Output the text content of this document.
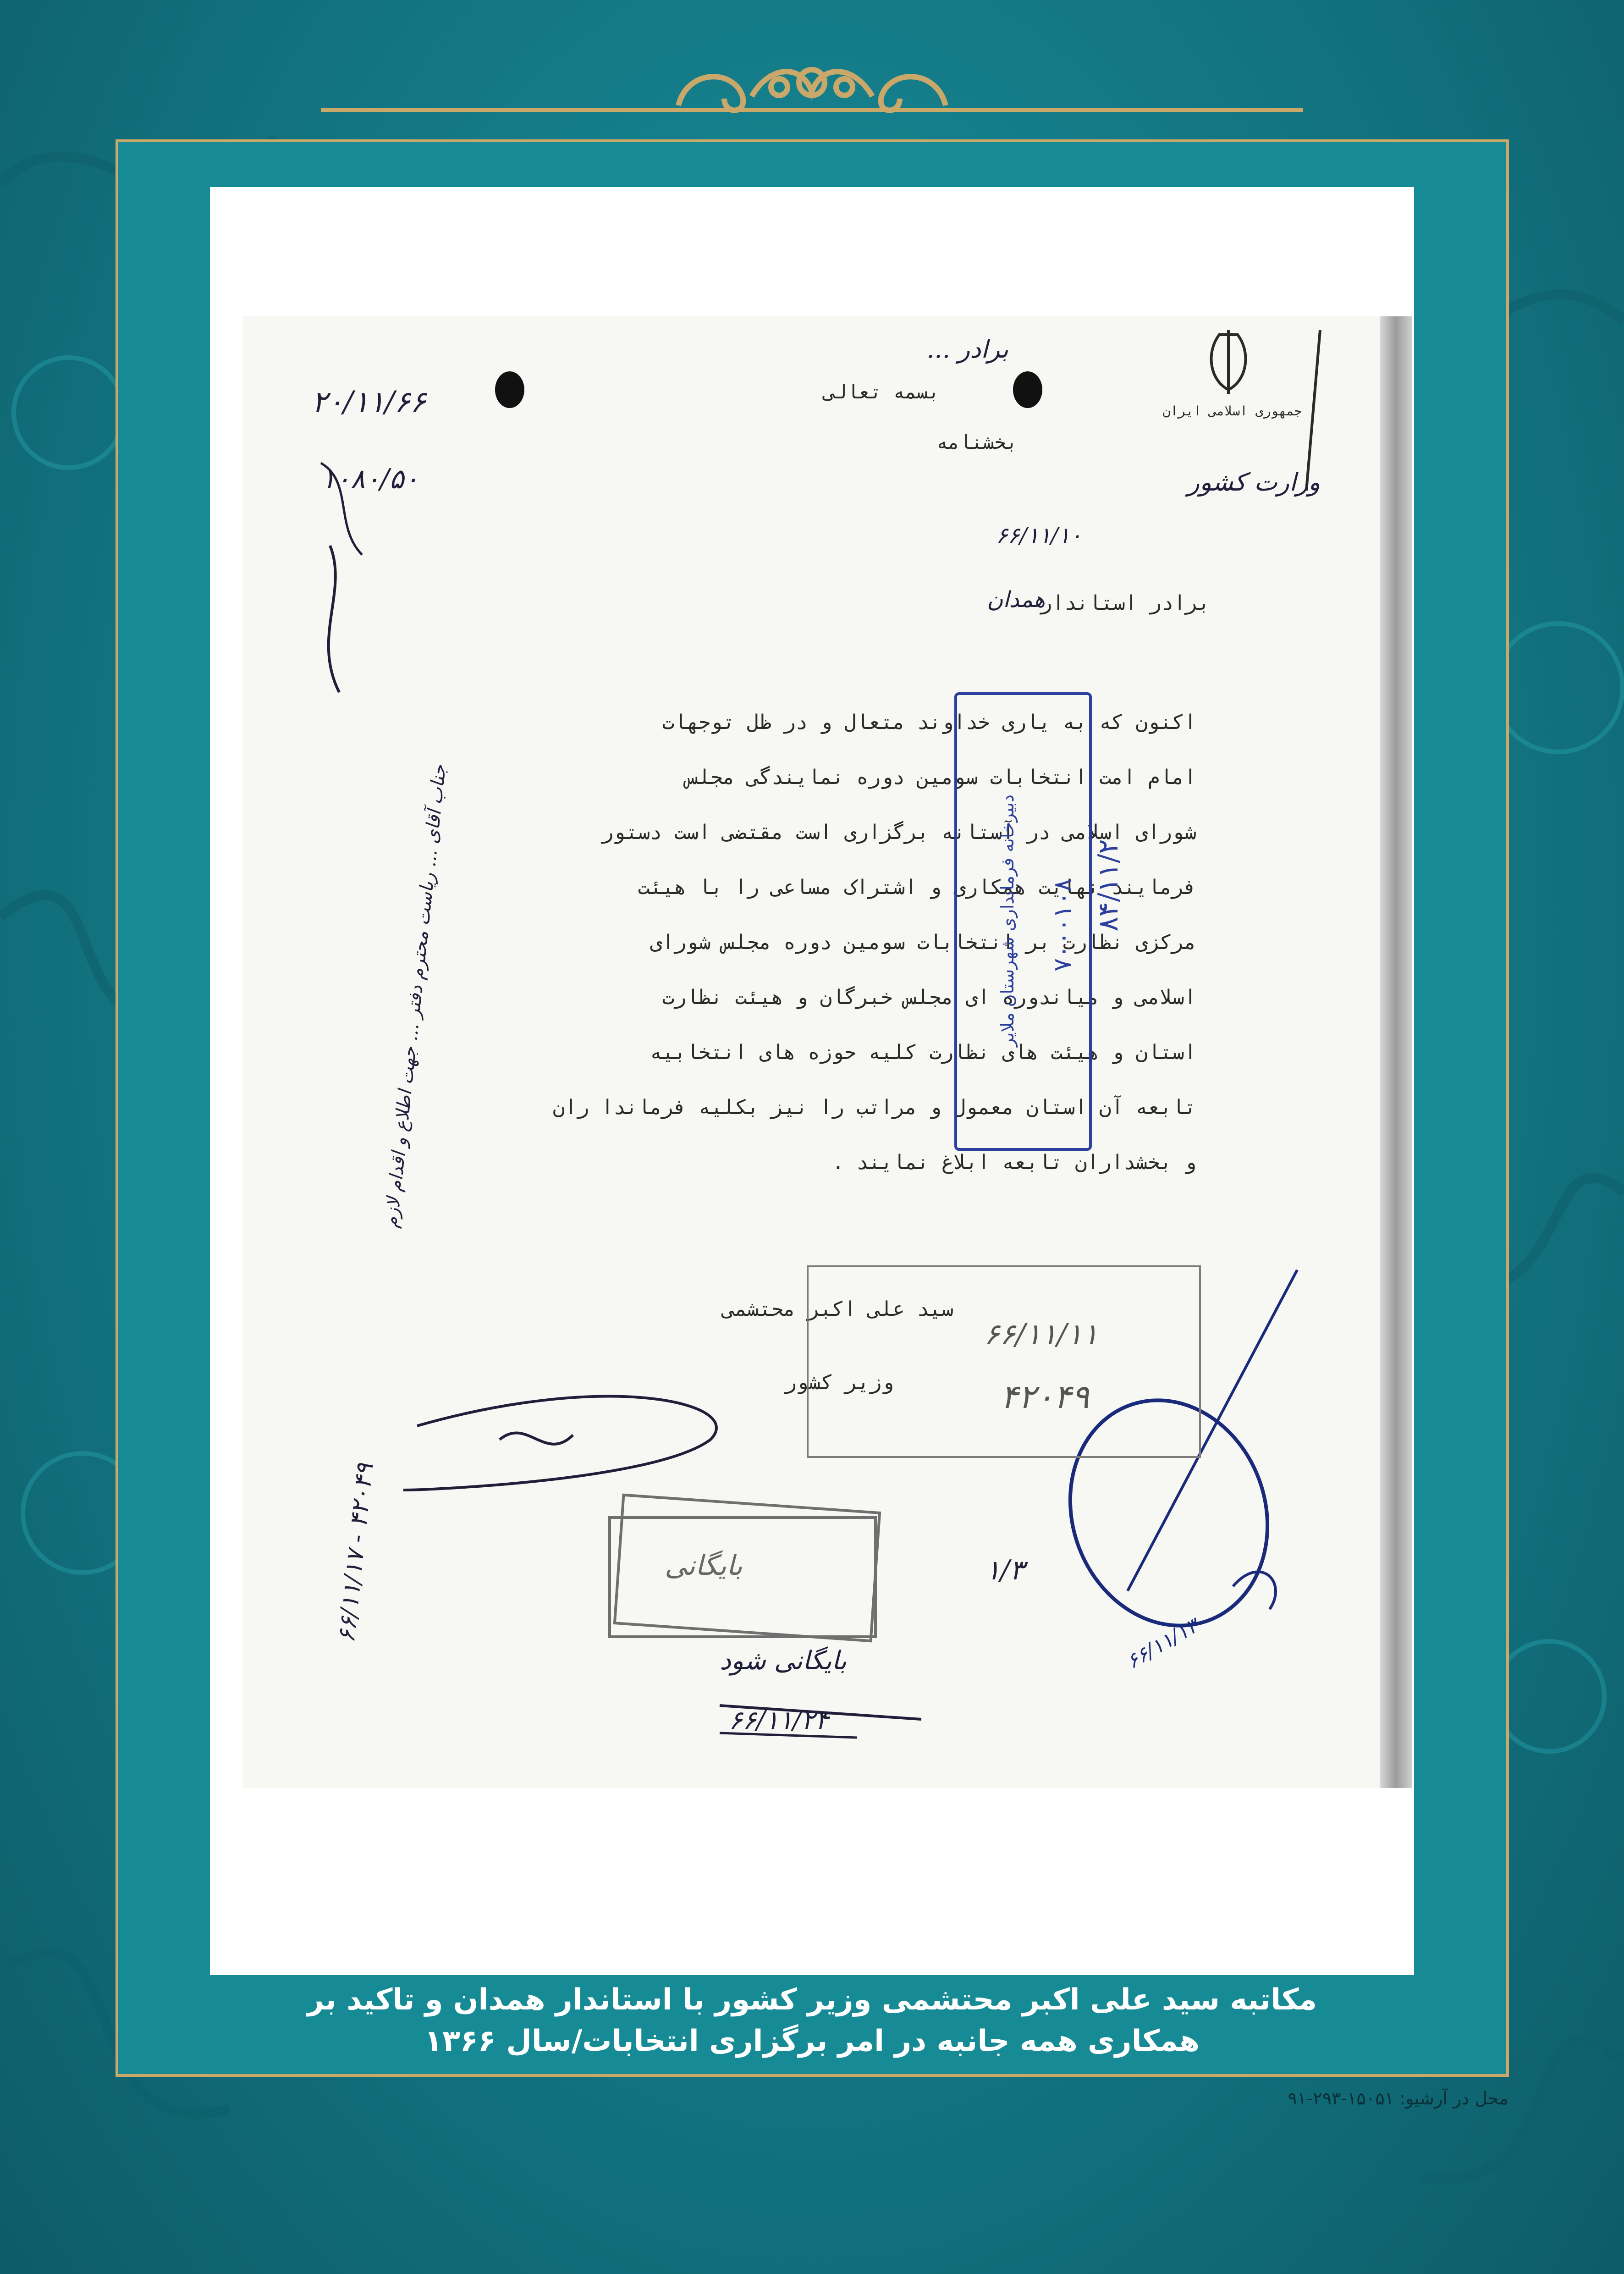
جمهوری اسلامی ایران
وزارت کشور
بسمه تعالی
بخشنامه
برادر ...
۶۶/۱۱/۱۰
۲۰/۱۱/۶۶
۱۰۸۰/۵۰
برادر استاندار
همدان
اکنون که به یاری خداوند متعال و در ظل توجهات
امام امت انتخابات سومین دوره نمایندگی مجلس
شورای اسلامی در آستانه برگزاری است مقتضی است دستور
فرمایند نهایت همکاری و اشتراک مساعی را با هیئت
مرکزی نظارت بر انتخابات سومین دوره مجلس شورای
اسلامی و میاندوره ای مجلس خبرگان و هیئت نظارت
استان و هیئت های نظارت کلیه حوزه های انتخابیه
تابعه آن استان معمول و مراتب را نیز بکلیه فرماندا ران
و بخشداران تابعه ابلاغ نمایند .
سید علی اکبر محتشمی
وزیر کشور
دبیرخانه فرمانداری شهرستان ملایر ۷۰۰۰۱۰۸ ۸۴/۱۱/۲
۶۶/۱۱/۱۱
۴۲۰۴۹
بایگانی
بایگانی شود
۶۶/۱۱/۲۴
۱/۳
۶۶/۱۱/۱۳
جناب آقای ... ریاست محترم دفتر ... جهت اطلاع و اقدام لازم
۴۲۰۴۹ - ۶۶/۱۱/۱۷
مکاتبه سید علی اکبر محتشمی وزیر کشور با استاندار همدان و تاکید بر
همکاری همه جانبه در امر برگزاری انتخابات/سال ۱۳۶۶
محل در آرشیو: ۱۵۰۵۱-۲۹۳-۹۱
